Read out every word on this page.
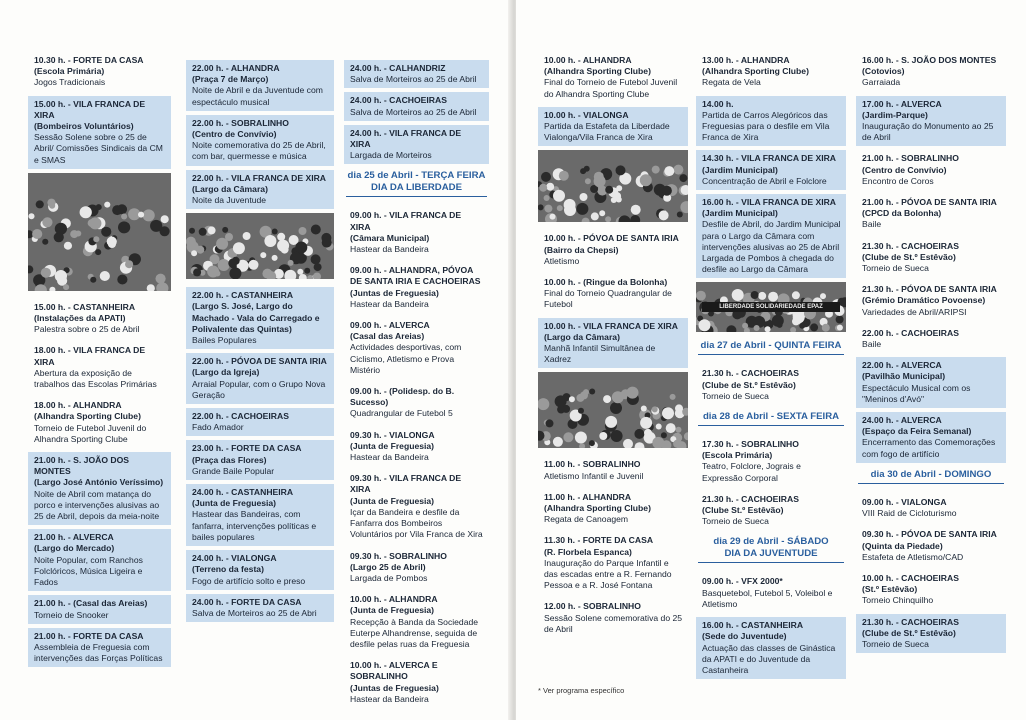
10.30 h. - FORTE DA CASA
(Escola Primária)
Jogos Tradicionais
15.00 h. - VILA FRANCA DE XIRA
(Bombeiros Voluntários)
Sessão Solene sobre o 25 de Abril/ Comissões Sindicais da CM e SMAS
15.00 h. - CASTANHEIRA
(Instalações da APATI)
Palestra sobre o 25 de Abril
18.00 h. - VILA FRANCA DE XIRA
Abertura da exposição de trabalhos das Escolas Primárias
18.00 h. - ALHANDRA
(Alhandra Sporting Clube)
Torneio de Futebol Juvenil do Alhandra Sporting Clube
21.00 h. - S. JOÃO DOS MONTES
(Largo José António Veríssimo)
Noite de Abril com matança do porco e intervenções alusivas ao 25 de Abril, depois da meia-noite
21.00 h. - ALVERCA
(Largo do Mercado)
Noite Popular, com Ranchos Folclóricos, Música Ligeira e Fados
21.00 h. - (Casal das Areias)
Torneio de Snooker
21.00 h. - FORTE DA CASA
Assembleia de Freguesia com intervenções das Forças Políticas
22.00 h. - ALHANDRA
(Praça 7 de Março)
Noite de Abril e da Juventude com espectáculo musical
22.00 h. - SOBRALINHO
(Centro de Convívio)
Noite comemorativa do 25 de Abril, com bar, quermesse e música
22.00 h. - VILA FRANCA DE XIRA
(Largo da Câmara)
Noite da Juventude
22.00 h. - CASTANHEIRA
(Largo S. José, Largo do Machado - Vala do Carregado e Polivalente das Quintas)
Bailes Populares
22.00 h. - PÓVOA DE SANTA IRIA
(Largo da Igreja)
Arraial Popular, com o Grupo Nova Geração
22.00 h. - CACHOEIRAS
Fado Amador
23.00 h. - FORTE DA CASA
(Praça das Flores)
Grande Baile Popular
24.00 h. - CASTANHEIRA
(Junta de Freguesia)
Hastear das Bandeiras, com fanfarra, intervenções políticas e bailes populares
24.00 h. - VIALONGA
(Terreno da festa)
Fogo de artifício solto e preso
24.00 h. - FORTE DA CASA
Salva de Morteiros ao 25 de Abri
24.00 h. - CALHANDRIZ
Salva de Morteiros ao 25 de Abril
24.00 h. - CACHOEIRAS
Salva de Morteiros ao 25 de Abril
24.00 h. - VILA FRANCA DE XIRA
Largada de Morteiros
dia 25 de Abril - TERÇA FEIRA
DIA DA LIBERDADE
09.00 h. - VILA FRANCA DE XIRA
(Câmara Municipal)
Hastear da Bandeira
09.00 h. - ALHANDRA, PÓVOA DE SANTA IRIA E CACHOEIRAS
(Juntas de Freguesia)
Hastear da Bandeira
09.00 h. - ALVERCA
(Casal das Areias)
Actividades desportivas, com Ciclismo, Atletismo e Prova Mistério
09.00 h. - (Polidesp. do B. Sucesso)
Quadrangular de Futebol 5
09.30 h. - VIALONGA
(Junta de Freguesia)
Hastear da Bandeira
09.30 h. - VILA FRANCA DE XIRA
(Junta de Freguesia)
Içar da Bandeira e desfile da Fanfarra dos Bombeiros Voluntários por Vila Franca de Xira
09.30 h. - SOBRALINHO
(Largo 25 de Abril)
Largada de Pombos
10.00 h. - ALHANDRA
(Junta de Freguesia)
Recepção à Banda da Sociedade Euterpe Alhandrense, seguida de desfile pelas ruas da Freguesia
10.00 h. - ALVERCA E SOBRALINHO
(Juntas de Freguesia)
Hastear da Bandeira
10.00 h. - ALHANDRA
(Alhandra Sporting Clube)
Final do Torneio de Futebol Juvenil do Alhandra Sporting Clube
10.00 h. - VIALONGA
Partida da Estafeta da Liberdade Vialonga/Vila Franca de Xira
10.00 h. - PÓVOA DE SANTA IRIA
(Bairro da Chepsi)
Atletismo
10.00 h. - (Ringue da Bolonha)
Final do Torneio Quadrangular de Futebol
10.00 h. - VILA FRANCA DE XIRA
(Largo da Câmara)
Manhã Infantil Simultânea de Xadrez
11.00 h. - SOBRALINHO
Atletismo Infantil e Juvenil
11.00 h. - ALHANDRA
(Alhandra Sporting Clube)
Regata de Canoagem
11.30 h. - FORTE DA CASA
(R. Florbela Espanca)
Inauguração do Parque Infantil e das escadas entre a R. Fernando Pessoa e a R. José Fontana
12.00 h. - SOBRALINHO
Sessão Solene comemorativa do 25 de Abril
13.00 h. - ALHANDRA
(Alhandra Sporting Clube)
Regata de Vela
14.00 h.
Partida de Carros Alegóricos das Freguesias para o desfile em Vila Franca de Xira
14.30 h. - VILA FRANCA DE XIRA
(Jardim Municipal)
Concentração de Abril e Folclore
16.00 h. - VILA FRANCA DE XIRA
(Jardim Municipal)
Desfile de Abril, do Jardim Municipal para o Largo da Câmara com intervenções alusivas ao 25 de Abril Largada de Pombos à chegada do desfile ao Largo da Câmara
LIBERDADE SOLIDARIEDADE EPAZ
dia 27 de Abril - QUINTA FEIRA
21.30 h. - CACHOEIRAS
(Clube de St.º Estêvão)
Torneio de Sueca
dia 28 de Abril - SEXTA FEIRA
17.30 h. - SOBRALINHO
(Escola Primária)
Teatro, Folclore, Jograis e Expressão Corporal
21.30 h. - CACHOEIRAS
(Clube St.º Estêvão)
Torneio de Sueca
dia 29 de Abril - SÁBADO
DIA DA JUVENTUDE
09.00 h. - VFX 2000*
Basquetebol, Futebol 5, Voleibol e Atletismo
16.00 h. - CASTANHEIRA
(Sede do Juventude)
Actuação das classes de Ginástica da APATI e do Juventude da Castanheira
16.00 h. - S. JOÃO DOS MONTES
(Cotovios)
Garraiada
17.00 h. - ALVERCA
(Jardim-Parque)
Inauguração do Monumento ao 25 de Abril
21.00 h. - SOBRALINHO
(Centro de Convívio)
Encontro de Coros
21.00 h. - PÓVOA DE SANTA IRIA
(CPCD da Bolonha)
Baile
21.30 h. - CACHOEIRAS
(Clube de St.º Estêvão)
Torneio de Sueca
21.30 h. - PÓVOA DE SANTA IRIA
(Grémio Dramático Povoense)
Variedades de Abril/ARIPSI
22.00 h. - CACHOEIRAS
Baile
22.00 h. - ALVERCA
(Pavilhão Municipal)
Espectáculo Musical com os "Meninos d'Avó"
24.00 h. - ALVERCA
(Espaço da Feira Semanal)
Encerramento das Comemorações com fogo de artifício
dia 30 de Abril - DOMINGO
09.00 h. - VIALONGA
VIII Raid de Cicloturismo
09.30 h. - PÓVOA DE SANTA IRIA
(Quinta da Piedade)
Estafeta de Atletismo/CAD
10.00 h. - CACHOEIRAS
(St.º Estêvão)
Torneio Chinquilho
21.30 h. - CACHOEIRAS
(Clube de St.º Estêvão)
Torneio de Sueca
* Ver programa específico
